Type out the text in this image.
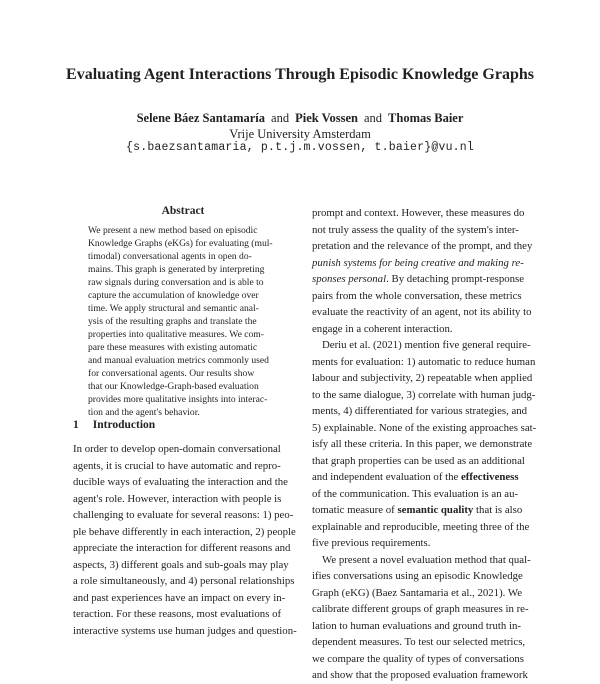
Evaluating Agent Interactions Through Episodic Knowledge Graphs
Selene Báez Santamaría and Piek Vossen and Thomas Baier
Vrije University Amsterdam
{s.baezsantamaria, p.t.j.m.vossen, t.baier}@vu.nl
Abstract
We present a new method based on episodic
Knowledge Graphs (eKGs) for evaluating (mul-
timodal) conversational agents in open do-
mains. This graph is generated by interpreting
raw signals during conversation and is able to
capture the accumulation of knowledge over
time. We apply structural and semantic anal-
ysis of the resulting graphs and translate the
properties into qualitative measures. We com-
pare these measures with existing automatic
and manual evaluation metrics commonly used
for conversational agents. Our results show
that our Knowledge-Graph-based evaluation
provides more qualitative insights into interac-
tion and the agent's behavior.
1 Introduction
In order to develop open-domain conversational
agents, it is crucial to have automatic and repro-
ducible ways of evaluating the interaction and the
agent's role. However, interaction with people is
challenging to evaluate for several reasons: 1) peo-
ple behave differently in each interaction, 2) people
appreciate the interaction for different reasons and
aspects, 3) different goals and sub-goals may play
a role simultaneously, and 4) personal relationships
and past experiences have an impact on every in-
teraction. For these reasons, most evaluations of
interactive systems use human judges and question-
prompt and context. However, these measures do
not truly assess the quality of the system's inter-
pretation and the relevance of the prompt, and they
punish systems for being creative and making re-
sponses personal. By detaching prompt-response
pairs from the whole conversation, these metrics
evaluate the reactivity of an agent, not its ability to
engage in a coherent interaction.
Deriu et al. (2021) mention five general require-
ments for evaluation: 1) automatic to reduce human
labour and subjectivity, 2) repeatable when applied
to the same dialogue, 3) correlate with human judg-
ments, 4) differentiated for various strategies, and
5) explainable. None of the existing approaches sat-
isfy all these criteria. In this paper, we demonstrate
that graph properties can be used as an additional
and independent evaluation of the effectiveness
of the communication. This evaluation is an au-
tomatic measure of semantic quality that is also
explainable and reproducible, meeting three of the
five previous requirements.
We present a novel evaluation method that qual-
ifies conversations using an episodic Knowledge
Graph (eKG) (Baez Santamaria et al., 2021). We
calibrate different groups of graph measures in re-
lation to human evaluations and ground truth in-
dependent measures. To test our selected metrics,
we compare the quality of types of conversations
and show that the proposed evaluation framework
